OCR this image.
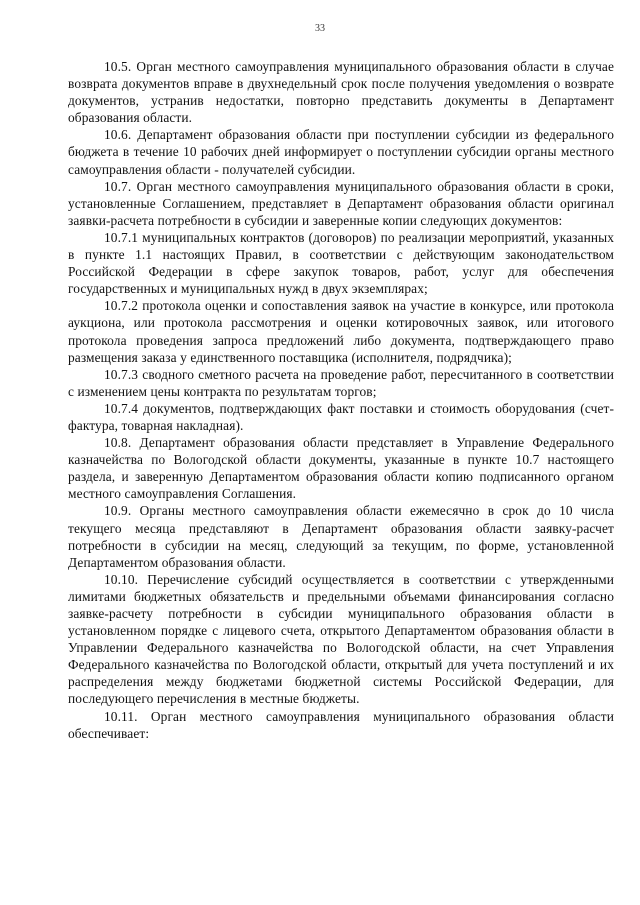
33

10.5. Орган местного самоуправления муниципального образования области в случае возврата документов вправе в двухнедельный срок после получения уведомления о возврате документов, устранив недостатки, повторно представить документы в Департамент образования области.

10.6. Департамент образования области при поступлении субсидии из федерального бюджета в течение 10 рабочих дней информирует о поступлении субсидии органы местного самоуправления области - получателей субсидии.

10.7. Орган местного самоуправления муниципального образования области в сроки, установленные Соглашением, представляет в Департамент образования области оригинал заявки-расчета потребности в субсидии и заверенные копии следующих документов:

10.7.1 муниципальных контрактов (договоров) по реализации мероприятий, указанных в пункте 1.1 настоящих Правил, в соответствии с действующим законодательством Российской Федерации в сфере закупок товаров, работ, услуг для обеспечения государственных и муниципальных нужд в двух экземплярах;

10.7.2 протокола оценки и сопоставления заявок на участие в конкурсе, или протокола аукциона, или протокола рассмотрения и оценки котировочных заявок, или итогового протокола проведения запроса предложений либо документа, подтверждающего право размещения заказа у единственного поставщика (исполнителя, подрядчика);

10.7.3 сводного сметного расчета на проведение работ, пересчитанного в соответствии с изменением цены контракта по результатам торгов;

10.7.4 документов, подтверждающих факт поставки и стоимость оборудования (счет-фактура, товарная накладная).

10.8. Департамент образования области представляет в Управление Федерального казначейства по Вологодской области документы, указанные в пункте 10.7 настоящего раздела, и заверенную Департаментом образования области копию подписанного органом местного самоуправления Соглашения.

10.9. Органы местного самоуправления области ежемесячно в срок до 10 числа текущего месяца представляют в Департамент образования области заявку-расчет потребности в субсидии на месяц, следующий за текущим, по форме, установленной Департаментом образования области.

10.10. Перечисление субсидий осуществляется в соответствии с утвержденными лимитами бюджетных обязательств и предельными объемами финансирования согласно заявке-расчету потребности в субсидии муниципального образования области в установленном порядке с лицевого счета, открытого Департаментом образования области в Управлении Федерального казначейства по Вологодской области, на счет Управления Федерального казначейства по Вологодской области, открытый для учета поступлений и их распределения между бюджетами бюджетной системы Российской Федерации, для последующего перечисления в местные бюджеты.

10.11. Орган местного самоуправления муниципального образования области обеспечивает:
